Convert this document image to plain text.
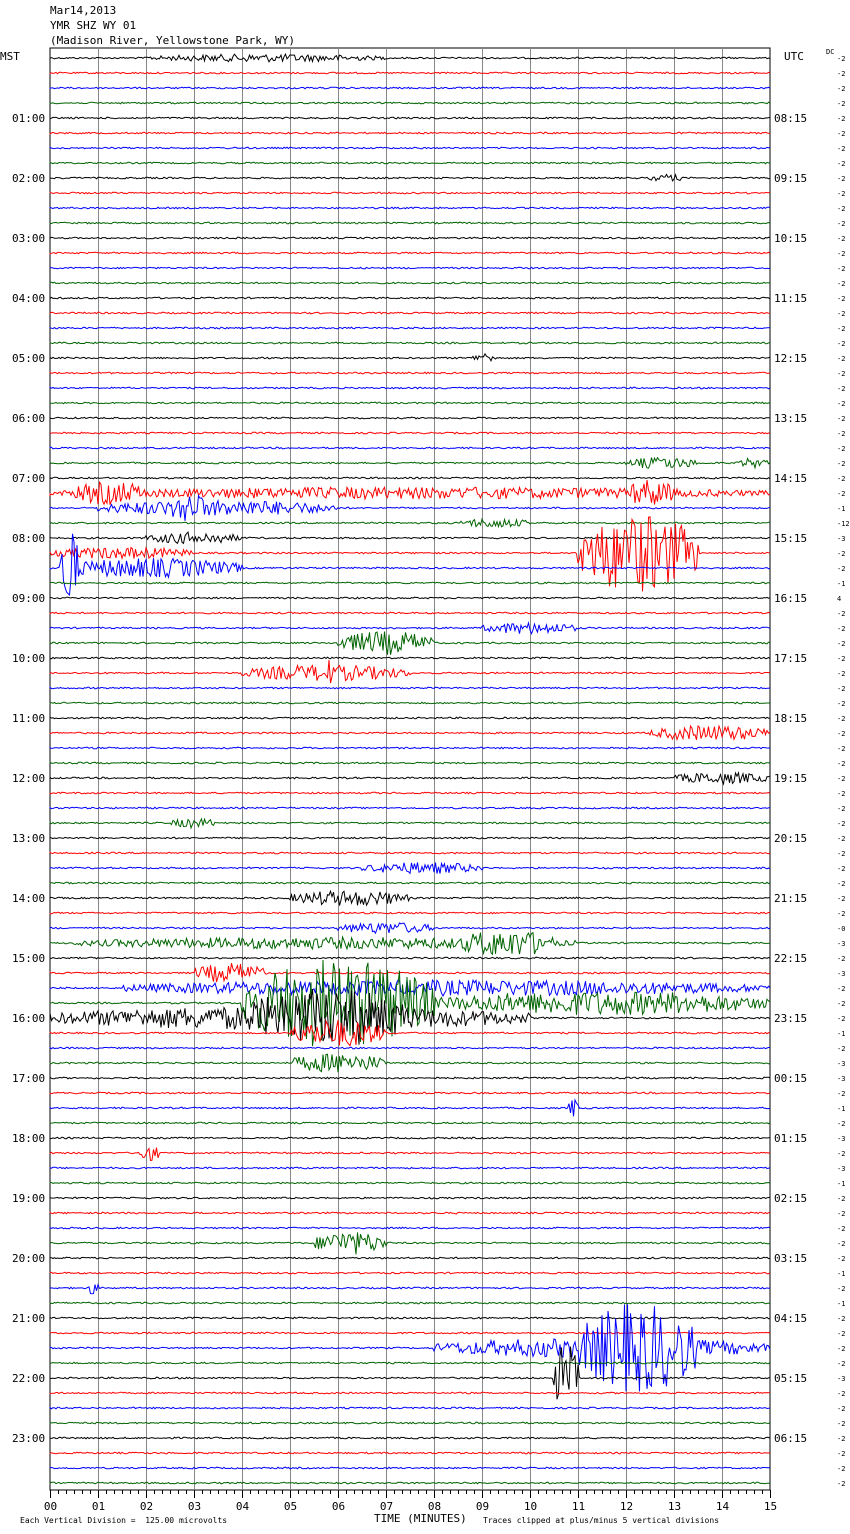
-2
-2
-2
-2
-2
-2
-2
-2
-2
-2
-2
-2
-2
-2
-2
-2
-2
-2
-2
-2
-2
-2
-2
-2
-2
-2
-2
-2
-2
-2
-1
-12
-3
-2
-2
-1
4
-2
-2
-2
-2
-2
-2
-2
-2
-2
-2
-2
-2
-2
-2
-2
-2
-2
-2
-2
-2
-2
-0
-3
-2
-3
-2
-2
-2
-1
-2
-3
-3
-2
-1
-2
-3
-2
-3
-1
-2
-2
-2
-2
-2
-1
-2
-1
-2
-2
-2
-2
-3
-2
-2
-2
-2
-2
-2
-2
01:00
02:00
03:00
04:00
05:00
06:00
07:00
08:00
09:00
10:00
11:00
12:00
13:00
14:00
15:00
16:00
17:00
18:00
19:00
20:00
21:00
22:00
23:00
08:15
09:15
10:15
11:15
12:15
13:15
14:15
15:15
16:15
17:15
18:15
19:15
20:15
21:15
22:15
23:15
00:15
01:15
02:15
03:15
04:15
05:15
06:15
00	01	02	03	04	05	06	07	08	09	10	11	12	13	14	15
Mar14,2013
YMR SHZ WY 01
(Madison River, Yellowstone Park, WY)
MST	UTC	DC
Each Vertical Division =  125.00 microvolts	TIME (MINUTES) Traces clipped at plus/minus 5 vertical divisions
